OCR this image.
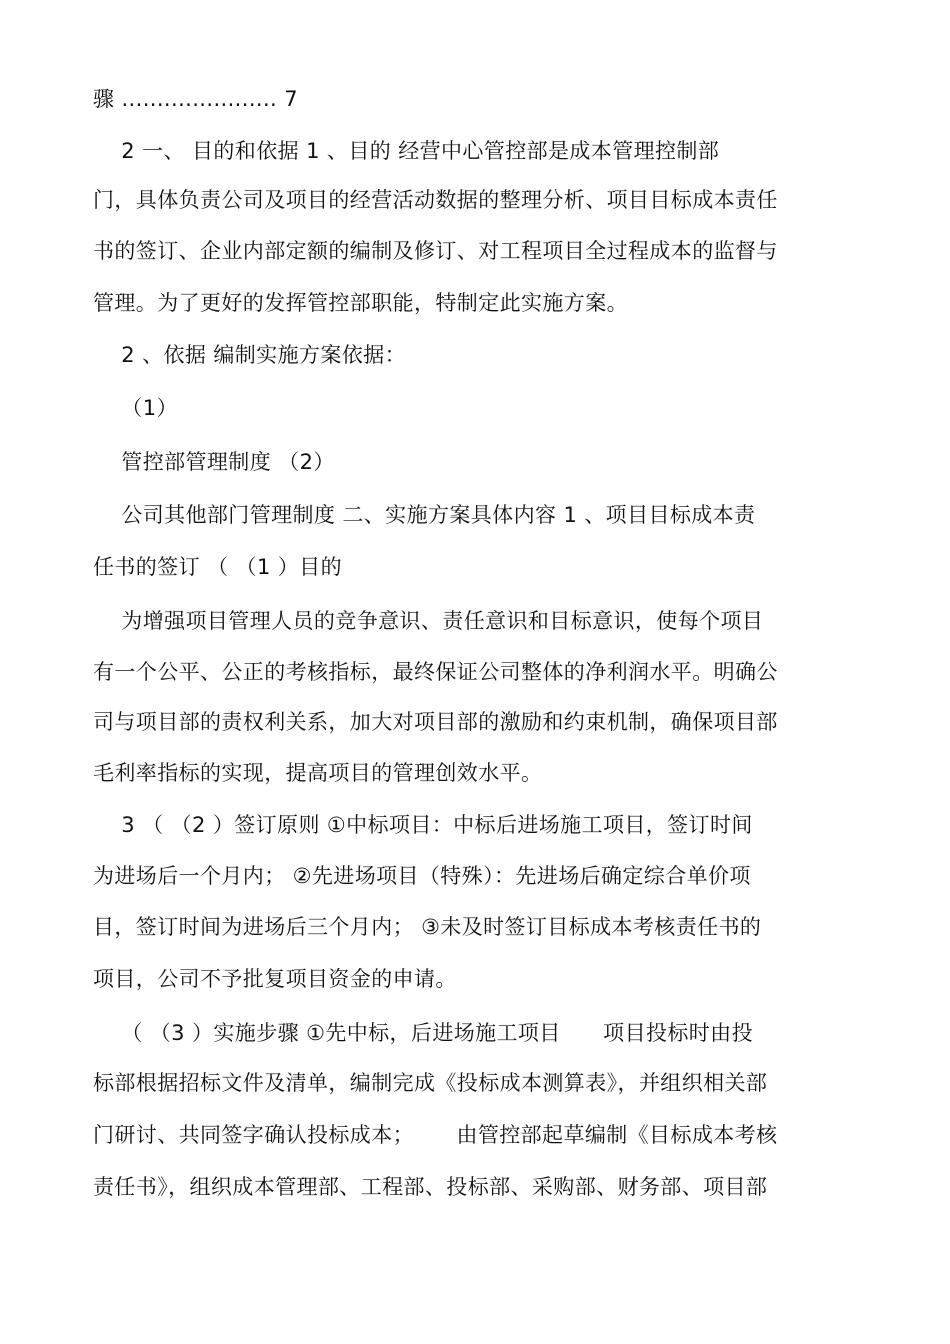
骤 ...................... 7
2 一、 目的和依据 1 、目的 经营中心管控部是成本管理控制部
门，具体负责公司及项目的经营活动数据的整理分析、项目目标成本责任
书的签订、企业内部定额的编制及修订、对工程项目全过程成本的监督与
管理。为了更好的发挥管控部职能，特制定此实施方案。
2 、依据 编制实施方案依据：
（1）
管控部管理制度 （2）
公司其他部门管理制度 二、实施方案具体内容 1 、项目目标成本责
任书的签订 （ （1 ）目的
为增强项目管理人员的竞争意识、责任意识和目标意识，使每个项目
有一个公平、公正的考核指标，最终保证公司整体的净利润水平。明确公
司与项目部的责权利关系，加大对项目部的激励和约束机制，确保项目部
毛利率指标的实现，提高项目的管理创效水平。
3 （ （2 ）签订原则 ①中标项目：中标后进场施工项目，签订时间
为进场后一个月内； ②先进场项目（特殊）：先进场后确定综合单价项
目，签订时间为进场后三个月内； ③未及时签订目标成本考核责任书的
项目，公司不予批复项目资金的申请。
（ （3 ）实施步骤 ①先中标，后进场施工项目      项目投标时由投
标部根据招标文件及清单，编制完成《投标成本测算表》，并组织相关部
门研讨、共同签字确认投标成本；      由管控部起草编制《目标成本考核
责任书》，组织成本管理部、工程部、投标部、采购部、财务部、项目部
